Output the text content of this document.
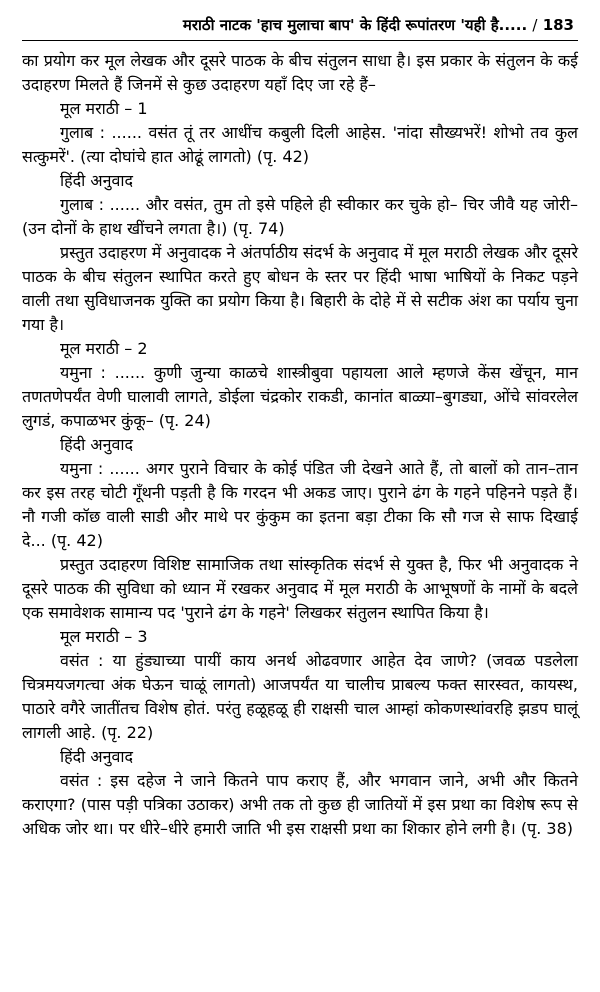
मराठी नाटक 'हाच मुलाचा बाप' के हिंदी रूपांतरण 'यही है..... / 183

का प्रयोग कर मूल लेखक और दूसरे पाठक के बीच संतुलन साधा है। इस प्रकार के संतुलन के कई उदाहरण मिलते हैं जिनमें से कुछ उदाहरण यहाँ दिए जा रहे हैं–

मूल मराठी – 1

गुलाब : ...... वसंत तूं तर आधींच कबुली दिली आहेस. 'नांदा सौख्यभरें! शोभो तव कुल सत्कुमरें'. (त्या दोघांचे हात ओढूं लागतो) (पृ. 42)

हिंदी अनुवाद

गुलाब : ...... और वसंत, तुम तो इसे पहिले ही स्वीकार कर चुके हो– चिर जीवै यह जोरी– (उन दोनों के हाथ खींचने लगता है।) (पृ. 74)

प्रस्तुत उदाहरण में अनुवादक ने अंतर्पाठीय संदर्भ के अनुवाद में मूल मराठी लेखक और दूसरे पाठक के बीच संतुलन स्थापित करते हुए बोधन के स्तर पर हिंदी भाषा भाषियों के निकट पड़ने वाली तथा सुविधाजनक युक्ति का प्रयोग किया है। बिहारी के दोहे में से सटीक अंश का पर्याय चुना गया है।

मूल मराठी – 2

यमुना : ...... कुणी जुन्या काळचे शास्त्रीबुवा पहायला आले म्हणजे केंस खेंचून, मान तणतणेपर्यंत वेणी घालावी लागते, डोईला चंद्रकोर राकडी, कानांत बाळ्या–बुगड्या, ओंचे सांवरलेल लुगडं, कपाळभर कुंकू– (पृ. 24)

हिंदी अनुवाद

यमुना : ...... अगर पुराने विचार के कोई पंडित जी देखने आते हैं, तो बालों को तान–तान कर इस तरह चोटी गूँथनी पड़ती है कि गरदन भी अकड जाए। पुराने ढंग के गहने पहिनने पड़ते हैं। नौ गजी कॉछ वाली साडी और माथे पर कुंकुम का इतना बड़ा टीका कि सौ गज से साफ दिखाई दे... (पृ. 42)

प्रस्तुत उदाहरण विशिष्ट सामाजिक तथा सांस्कृतिक संदर्भ से युक्त है, फिर भी अनुवादक ने दूसरे पाठक की सुविधा को ध्यान में रखकर अनुवाद में मूल मराठी के आभूषणों के नामों के बदले एक समावेशक सामान्य पद 'पुराने ढंग के गहने' लिखकर संतुलन स्थापित किया है।

मूल मराठी – 3

वसंत : या हुंड्याच्या पायीं काय अनर्थ ओढवणार आहेत देव जाणे? (जवळ पडलेला चित्रमयजगत्चा अंक घेऊन चाळूं लागतो) आजपर्यंत या चालीच प्राबल्य फक्त सारस्वत, कायस्थ, पाठारे वगैरे जातींतच विशेष होतं. परंतु हळूहळू ही राक्षसी चाल आम्हां कोकणस्थांवरहि झडप घालूं लागली आहे. (पृ. 22)

हिंदी अनुवाद

वसंत : इस दहेज ने जाने कितने पाप कराए हैं, और भगवान जाने, अभी और कितने कराएगा? (पास पड़ी पत्रिका उठाकर) अभी तक तो कुछ ही जातियों में इस प्रथा का विशेष रूप से अधिक जोर था। पर धीरे–धीरे हमारी जाति भी इस राक्षसी प्रथा का शिकार होने लगी है। (पृ. 38)
